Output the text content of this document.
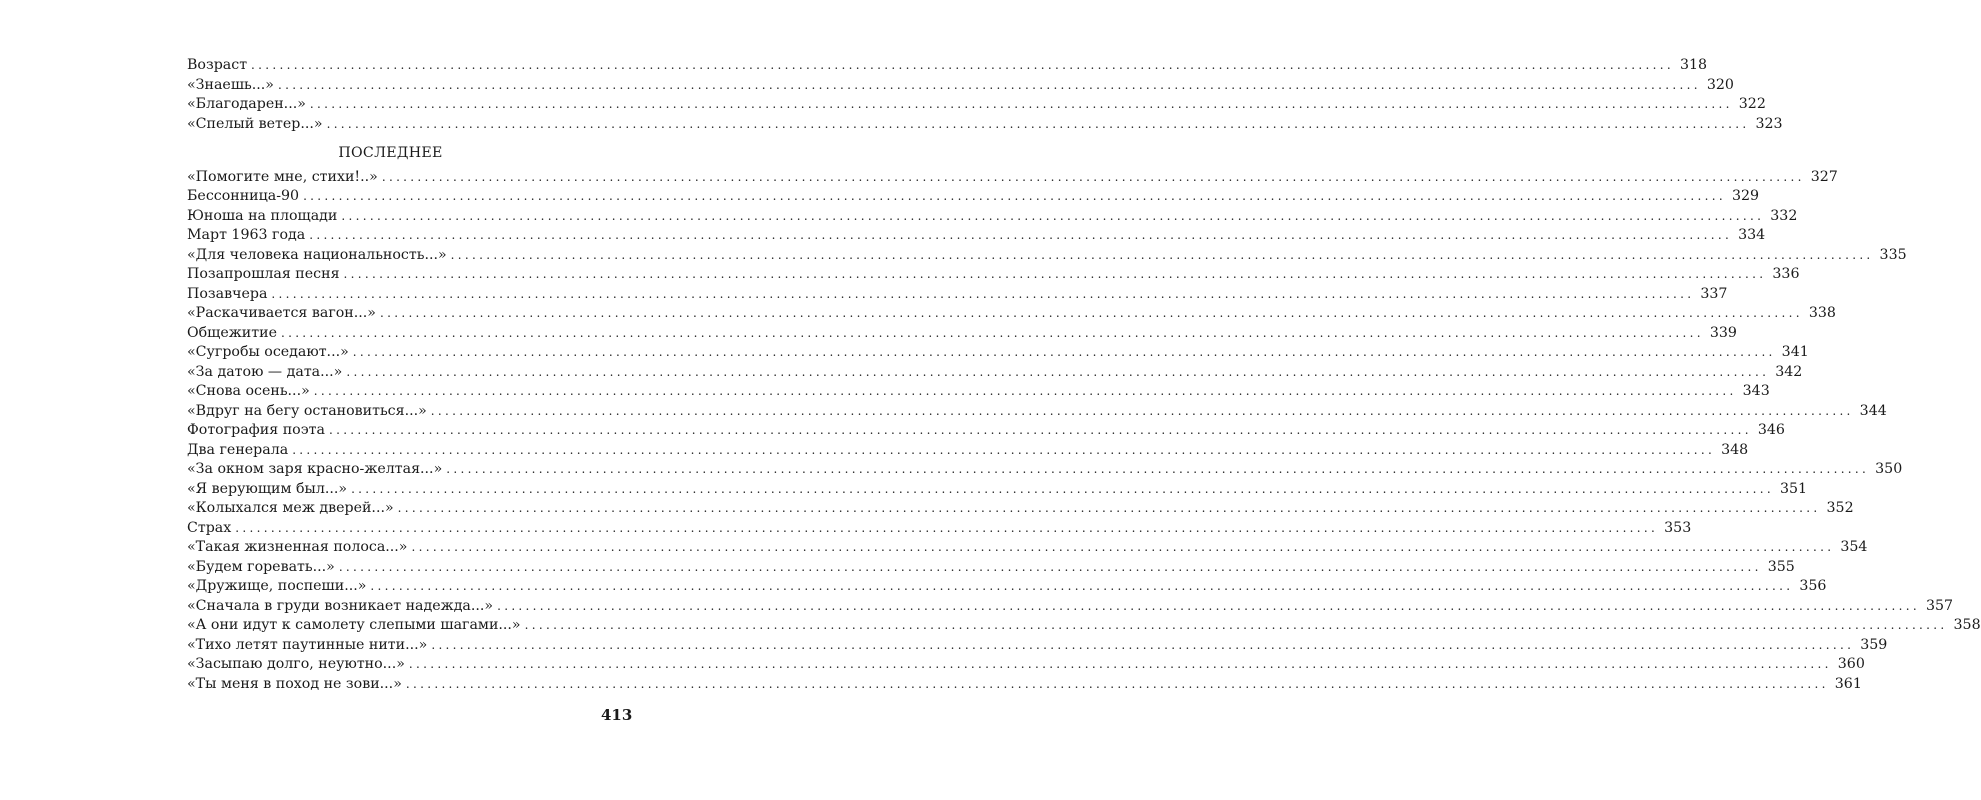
Возраст ........................................................................................................................................................................................................ 318
«Знаешь...» ........................................................................................................................................................................................................ 320
«Благодарен...» ........................................................................................................................................................................................................ 322
«Спелый ветер...» ........................................................................................................................................................................................................ 323
ПОСЛЕДНЕЕ
«Помогите мне, стихи!..» ........................................................................................................................................................................................................ 327
Бессонница-90 ........................................................................................................................................................................................................ 329
Юноша на площади ........................................................................................................................................................................................................ 332
Март 1963 года ........................................................................................................................................................................................................ 334
«Для человека национальность...» ........................................................................................................................................................................................................ 335
Позапрошлая песня ........................................................................................................................................................................................................ 336
Позавчера ........................................................................................................................................................................................................ 337
«Раскачивается вагон...» ........................................................................................................................................................................................................ 338
Общежитие ........................................................................................................................................................................................................ 339
«Сугробы оседают...» ........................................................................................................................................................................................................ 341
«За датою — дата...» ........................................................................................................................................................................................................ 342
«Снова осень...» ........................................................................................................................................................................................................ 343
«Вдруг на бегу остановиться...» ........................................................................................................................................................................................................ 344
Фотография поэта ........................................................................................................................................................................................................ 346
Два генерала ........................................................................................................................................................................................................ 348
«За окном заря красно-желтая...» ........................................................................................................................................................................................................ 350
«Я верующим был...» ........................................................................................................................................................................................................ 351
«Колыхался меж дверей...» ........................................................................................................................................................................................................ 352
Страх ........................................................................................................................................................................................................ 353
«Такая жизненная полоса...» ........................................................................................................................................................................................................ 354
«Будем горевать...» ........................................................................................................................................................................................................ 355
«Дружище, поспеши...» ........................................................................................................................................................................................................ 356
«Сначала в груди возникает надежда...» ........................................................................................................................................................................................................ 357
«А они идут к самолету слепыми шагами...» ........................................................................................................................................................................................................ 358
«Тихо летят паутинные нити...» ........................................................................................................................................................................................................ 359
«Засыпаю долго, неуютно...» ........................................................................................................................................................................................................ 360
«Ты меня в поход не зови...» ........................................................................................................................................................................................................ 361
413
